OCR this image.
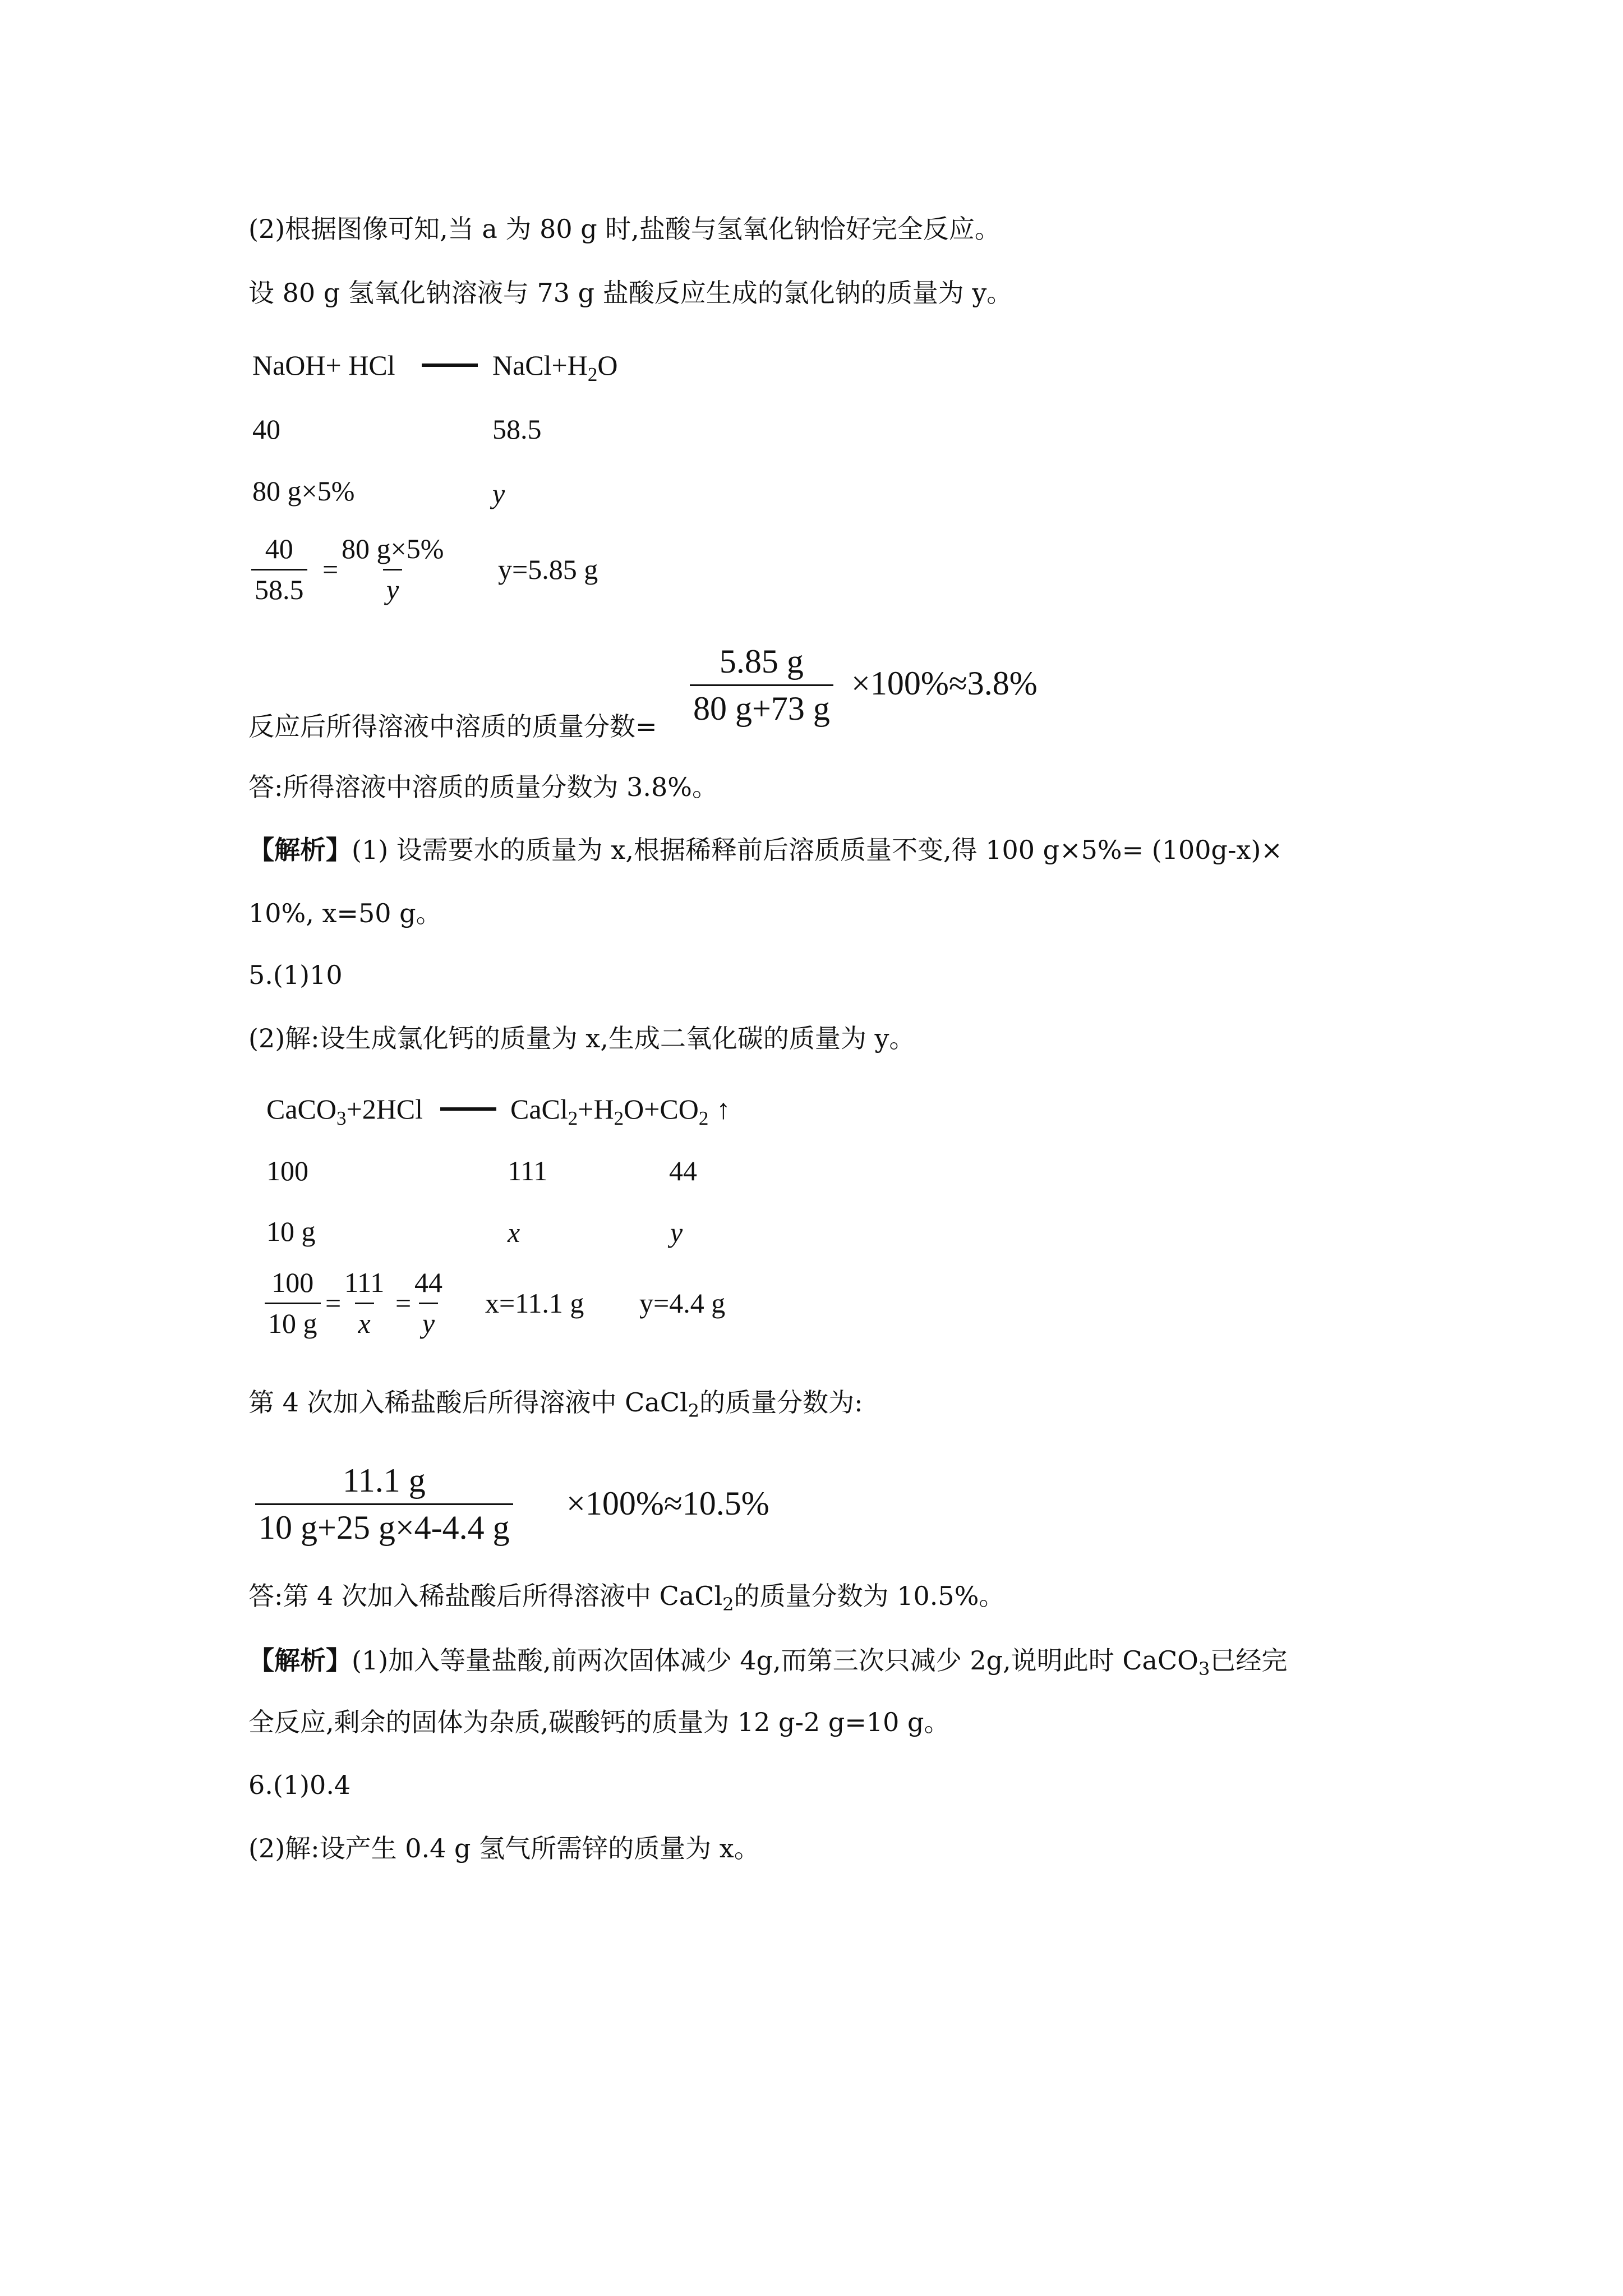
(2)根据图像可知,当 a 为 80 g 时,盐酸与氢氧化钠恰好完全反应。
设 80 g 氢氧化钠溶液与 73 g 盐酸反应生成的氯化钠的质量为 y。
NaOH+ HCl	$NaCl+H_2O$
40	58.5
80 g×5%	y
$\frac{40}{58.5} = \frac{80 g\times 5\%}{y} y=5.85$ g
$\frac{5.85 g}{80 g+73 g} \times 100\%\approx 3.8\%$
反应后所得溶液中溶质的质量分数=
答:所得溶液中溶质的质量分数为 3.8%。
【解析】(1) 设需要水的质量为 x,根据稀释前后溶质质量不变,得 100 g×5%= (100g-x)×
10%, x=50 g。
5.(1)10
(2)解:设生成氯化钙的质量为 x,生成二氧化碳的质量为 y。
CaCO$_3$+2HCl	$CaCl_2+H_2O+CO_2$ ↑
100	111	44
10 g	x	y
$\frac{100}{10 g} = \frac{111}{x} = \frac{44}{y} x=11.1$ g y=4.4 g
第 4 次加入稀盐酸后所得溶液中 CaCl$_2$的质量分数为:
$\frac{11.1 g}{10 g+25 g\times 4-4.4 g} \times 100\%\approx 10.5\%$
答:第 4 次加入稀盐酸后所得溶液中 CaCl$_2$的质量分数为 10.5%。
【解析】(1)加入等量盐酸,前两次固体减少 4g,而第三次只减少 2g,说明此时 CaCO$_3$已经完
全反应,剩余的固体为杂质,碳酸钙的质量为 12 g-2 g=10 g。
6.(1)0.4
(2)解:设产生 0.4 g 氢气所需锌的质量为 x。
